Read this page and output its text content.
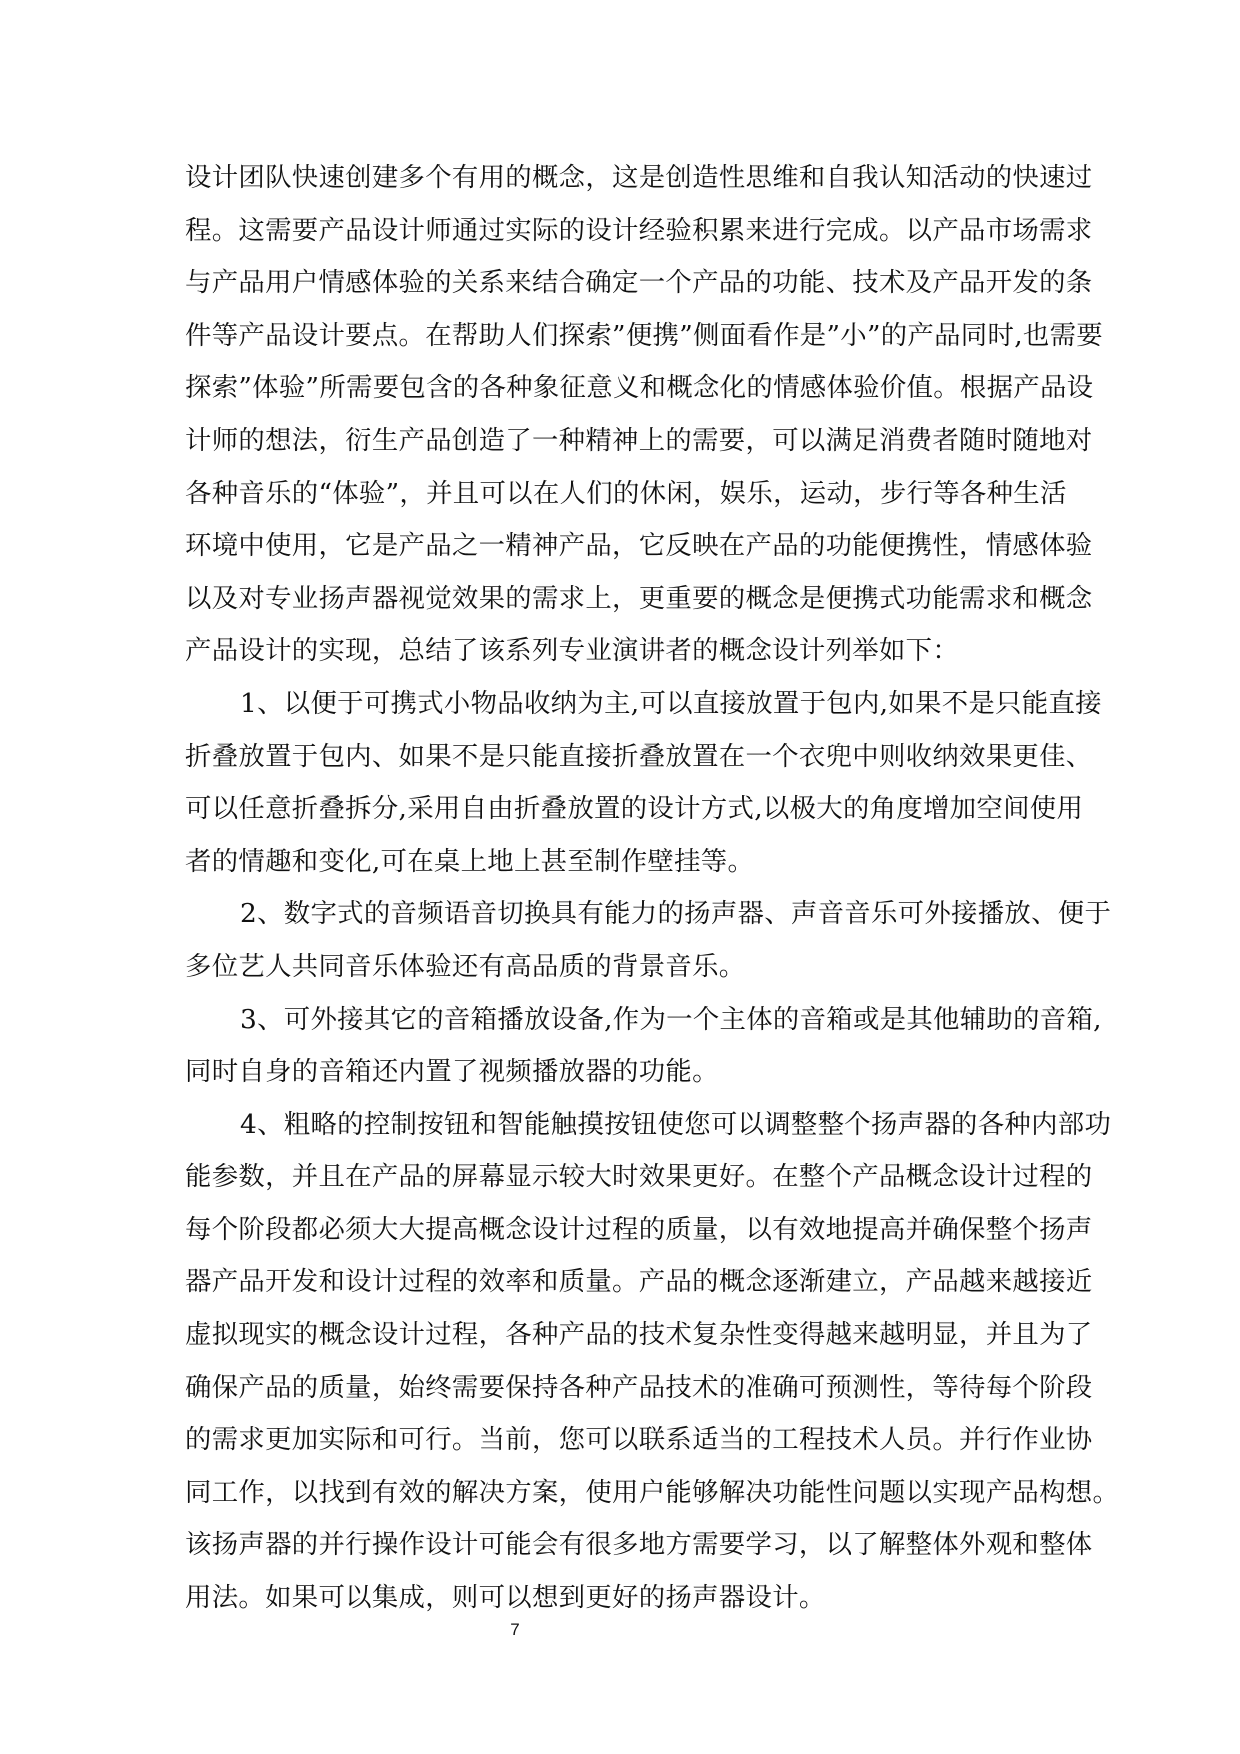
设计团队快速创建多个有用的概念，这是创造性思维和自我认知活动的快速过
程。这需要产品设计师通过实际的设计经验积累来进行完成。以产品市场需求
与产品用户情感体验的关系来结合确定一个产品的功能、技术及产品开发的条
件等产品设计要点。在帮助人们探索”便携”侧面看作是”小”的产品同时,也需要
探索”体验”所需要包含的各种象征意义和概念化的情感体验价值。根据产品设
计师的想法，衍生产品创造了一种精神上的需要，可以满足消费者随时随地对
各种音乐的“体验”，并且可以在人们的休闲，娱乐，运动，步行等各种生活
环境中使用，它是产品之一精神产品，它反映在产品的功能便携性，情感体验
以及对专业扬声器视觉效果的需求上，更重要的概念是便携式功能需求和概念
产品设计的实现，总结了该系列专业演讲者的概念设计列举如下：
1、以便于可携式小物品收纳为主,可以直接放置于包内,如果不是只能直接
折叠放置于包内、如果不是只能直接折叠放置在一个衣兜中则收纳效果更佳、
可以任意折叠拆分,采用自由折叠放置的设计方式,以极大的角度增加空间使用
者的情趣和变化,可在桌上地上甚至制作壁挂等。
2、数字式的音频语音切换具有能力的扬声器、声音音乐可外接播放、便于
多位艺人共同音乐体验还有高品质的背景音乐。
3、可外接其它的音箱播放设备,作为一个主体的音箱或是其他辅助的音箱,
同时自身的音箱还内置了视频播放器的功能。
4、粗略的控制按钮和智能触摸按钮使您可以调整整个扬声器的各种内部功
能参数，并且在产品的屏幕显示较大时效果更好。在整个产品概念设计过程的
每个阶段都必须大大提高概念设计过程的质量，以有效地提高并确保整个扬声
器产品开发和设计过程的效率和质量。产品的概念逐渐建立，产品越来越接近
虚拟现实的概念设计过程，各种产品的技术复杂性变得越来越明显，并且为了
确保产品的质量，始终需要保持各种产品技术的准确可预测性，等待每个阶段
的需求更加实际和可行。当前，您可以联系适当的工程技术人员。并行作业协
同工作，以找到有效的解决方案，使用户能够解决功能性问题以实现产品构想。
该扬声器的并行操作设计可能会有很多地方需要学习，以了解整体外观和整体
用法。如果可以集成，则可以想到更好的扬声器设计。
7
